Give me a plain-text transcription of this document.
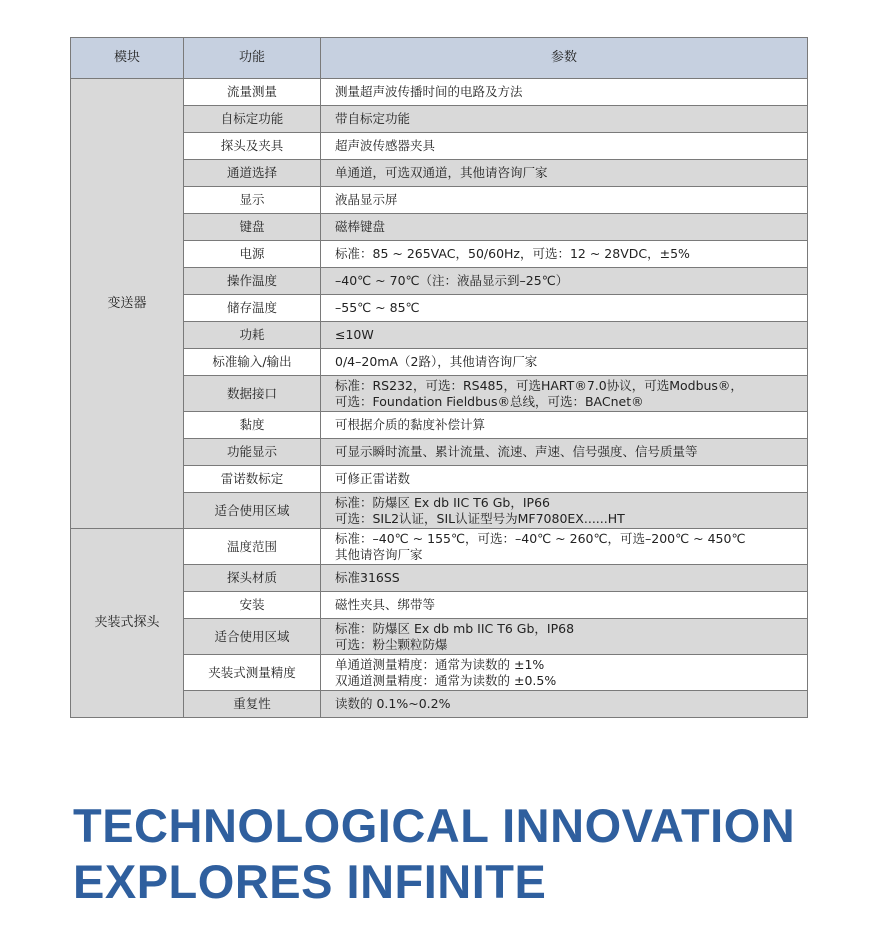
模块	功能	参数
变送器	流量测量	测量超声波传播时间的电路及方法

	自标定功能	带自标定功能

	探头及夹具	超声波传感器夹具

	通道选择	单通道，可选双通道，其他请咨询厂家

	显示	液晶显示屏

	键盘	磁棒键盘

	电源	标准：85 ~ 265VAC，50/60Hz，可选：12 ~ 28VDC，±5%

	操作温度	–40℃ ~ 70℃（注：液晶显示到–25℃）

	储存温度	–55℃ ~ 85℃

	功耗	≤10W

	标准输入/输出	0/4–20mA（2路），其他请咨询厂家

	数据接口	标准：RS232，可选：RS485，可选HART®7.0协议，可选Modbus®，
可选：Foundation Fieldbus®总线，可选：BACnet®

	黏度	可根据介质的黏度补偿计算

	功能显示	可显示瞬时流量、累计流量、流速、声速、信号强度、信号质量等

	雷诺数标定	可修正雷诺数

	适合使用区域	标准：防爆区 Ex db IIC T6 Gb，IP66
可选：SIL2认证，SIL认证型号为MF7080EX......HT

夹装式探头	温度范围	标准：–40℃ ~ 155℃，可选：–40℃ ~ 260℃，可选–200℃ ~ 450℃
其他请咨询厂家

	探头材质	标准316SS

	安装	磁性夹具、绑带等

	适合使用区域	标准：防爆区 Ex db mb IIC T6 Gb，IP68
可选：粉尘颗粒防爆

	夹装式测量精度	单通道测量精度：通常为读数的 ±1%
双通道测量精度：通常为读数的 ±0.5%

	重复性	读数的 0.1%~0.2%
TECHNOLOGICAL INNOVATION
EXPLORES INFINITE
